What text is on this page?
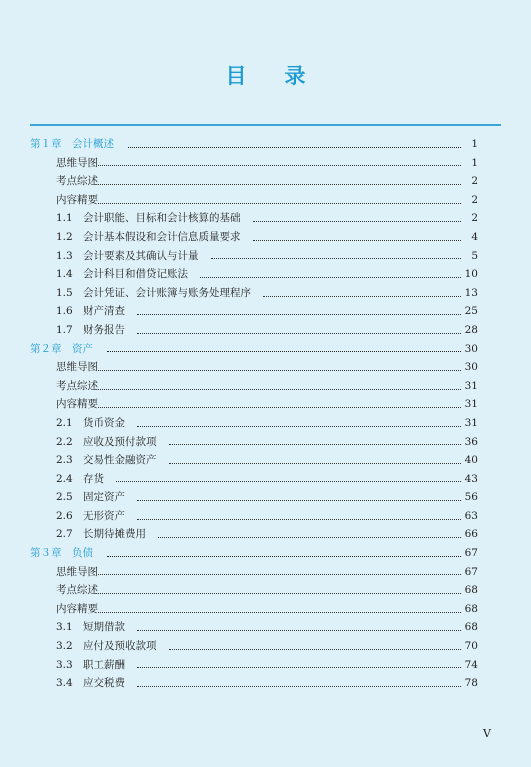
目 录
第１章　会计概述	1
思维导图	1
考点综述	2
内容精要	2
1.1 会计职能、目标和会计核算的基础	2
1.2 会计基本假设和会计信息质量要求	4
1.3 会计要素及其确认与计量	5
1.4 会计科目和借贷记账法	10
1.5 会计凭证、会计账簿与账务处理程序	13
1.6 财产清查	25
1.7 财务报告	28
第２章　资产	30
思维导图	30
考点综述	31
内容精要	31
2.1 货币资金	31
2.2 应收及预付款项	36
2.3 交易性金融资产	40
2.4 存货	43
2.5 固定资产	56
2.6 无形资产	63
2.7 长期待摊费用	66
第３章　负债	67
思维导图	67
考点综述	68
内容精要	68
3.1 短期借款	68
3.2 应付及预收款项	70
3.3 职工薪酬	74
3.4 应交税费	78
V
